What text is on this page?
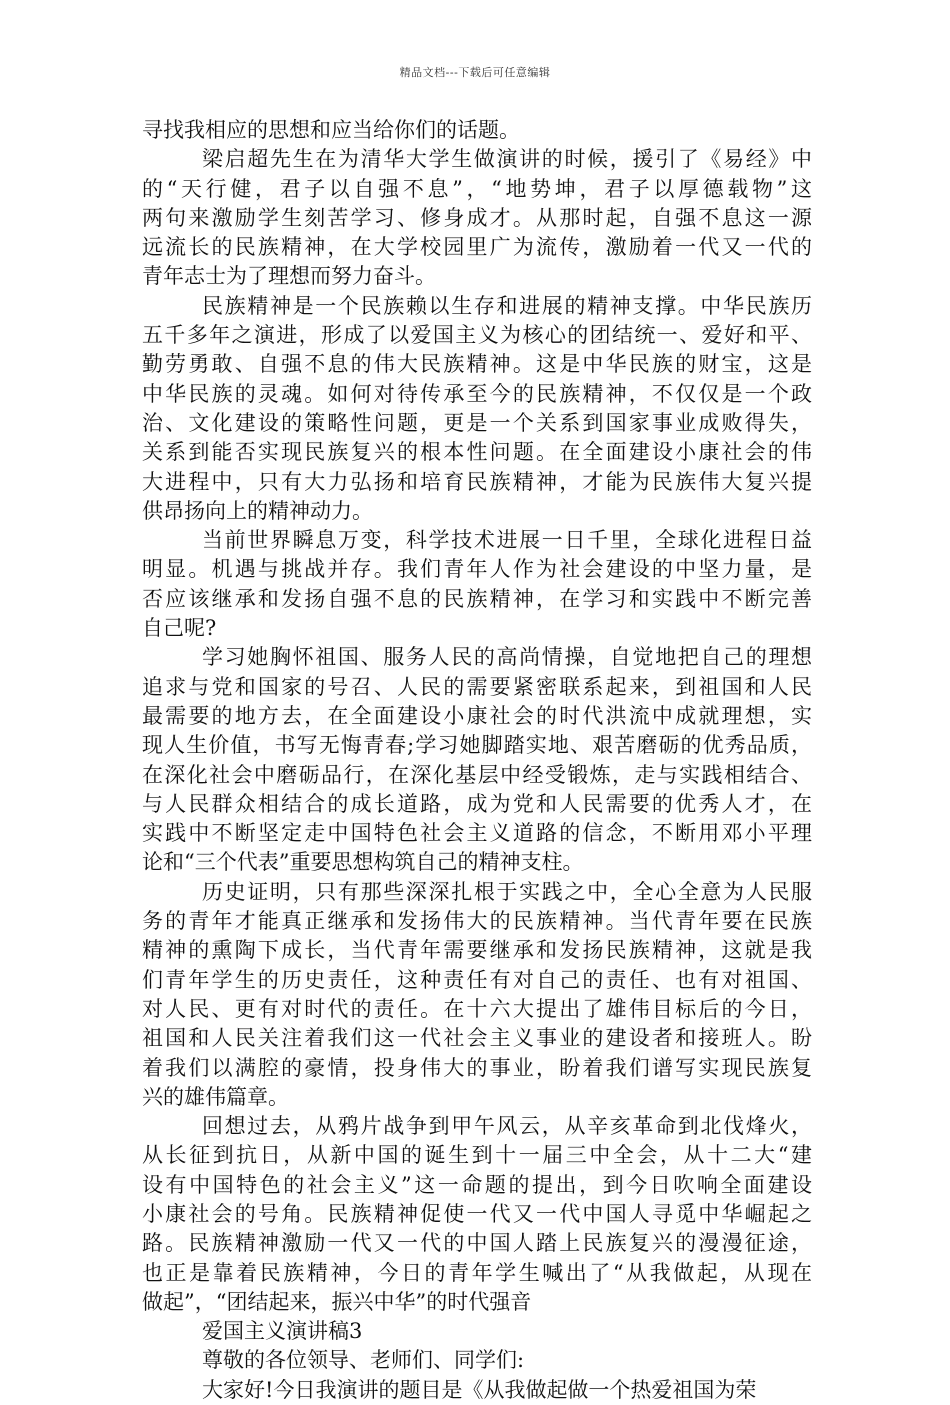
精品文档---下载后可任意编辑
寻找我相应的思想和应当给你们的话题。
梁启超先生在为清华大学生做演讲的时候，援引了《易经》中
的“天行健，君子以自强不息”，“地势坤，君子以厚德载物”这
两句来激励学生刻苦学习、修身成才。从那时起，自强不息这一源
远流长的民族精神，在大学校园里广为流传，激励着一代又一代的
青年志士为了理想而努力奋斗。
民族精神是一个民族赖以生存和进展的精神支撑。中华民族历
五千多年之演进，形成了以爱国主义为核心的团结统一、爱好和平、
勤劳勇敢、自强不息的伟大民族精神。这是中华民族的财宝，这是
中华民族的灵魂。如何对待传承至今的民族精神，不仅仅是一个政
治、文化建设的策略性问题，更是一个关系到国家事业成败得失，
关系到能否实现民族复兴的根本性问题。在全面建设小康社会的伟
大进程中，只有大力弘扬和培育民族精神，才能为民族伟大复兴提
供昂扬向上的精神动力。
当前世界瞬息万变，科学技术进展一日千里，全球化进程日益
明显。机遇与挑战并存。我们青年人作为社会建设的中坚力量，是
否应该继承和发扬自强不息的民族精神，在学习和实践中不断完善
自己呢?
学习她胸怀祖国、服务人民的高尚情操，自觉地把自己的理想
追求与党和国家的号召、人民的需要紧密联系起来，到祖国和人民
最需要的地方去，在全面建设小康社会的时代洪流中成就理想，实
现人生价值，书写无悔青春;学习她脚踏实地、艰苦磨砺的优秀品质，
在深化社会中磨砺品行，在深化基层中经受锻炼，走与实践相结合、
与人民群众相结合的成长道路，成为党和人民需要的优秀人才，在
实践中不断坚定走中国特色社会主义道路的信念，不断用邓小平理
论和“三个代表”重要思想构筑自己的精神支柱。
历史证明，只有那些深深扎根于实践之中，全心全意为人民服
务的青年才能真正继承和发扬伟大的民族精神。当代青年要在民族
精神的熏陶下成长，当代青年需要继承和发扬民族精神，这就是我
们青年学生的历史责任，这种责任有对自己的责任、也有对祖国、
对人民、更有对时代的责任。在十六大提出了雄伟目标后的今日，
祖国和人民关注着我们这一代社会主义事业的建设者和接班人。盼
着我们以满腔的豪情，投身伟大的事业，盼着我们谱写实现民族复
兴的雄伟篇章。
回想过去，从鸦片战争到甲午风云，从辛亥革命到北伐烽火，
从长征到抗日，从新中国的诞生到十一届三中全会，从十二大“建
设有中国特色的社会主义”这一命题的提出，到今日吹响全面建设
小康社会的号角。民族精神促使一代又一代中国人寻觅中华崛起之
路。民族精神激励一代又一代的中国人踏上民族复兴的漫漫征途，
也正是靠着民族精神，今日的青年学生喊出了“从我做起，从现在
做起”，“团结起来，振兴中华”的时代强音
爱国主义演讲稿3
尊敬的各位领导、老师们、同学们:
大家好!今日我演讲的题目是《从我做起做一个热爱祖国为荣
